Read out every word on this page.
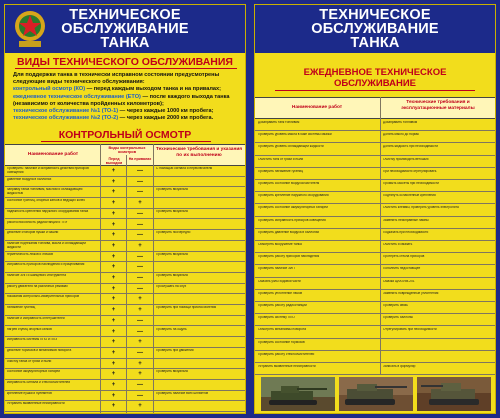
ТЕХНИЧЕСКОЕ
ОБСЛУЖИВАНИЕ
ТАНКА
ВИДЫ ТЕХНИЧЕСКОГО ОБСЛУЖИВАНИЯ
Для поддержки танка в технически исправном состоянии предусмотрены
следующие виды технического обслуживания:
контрольный осмотр (КО) — перед каждым выходом танка и на привалах;
ежедневное техническое обслуживание (ЕТО) — после каждого выхода танка (независимо от количества пройденных километров);
техническое обслуживание №1 (ТО-1) — через каждые 1000 км пробега;
техническое обслуживание №2 (ТО-2) — через каждые 2000 км пробега.
КОНТРОЛЬНЫЙ ОСМОТР
Наименование работ
Виды контрольных осмотров
Перед выходом
На привалах
Технические требования и указания по их выполнению
Проверить: наличие и исправность действия приборов освещения	+	—	С помощью сигнала и переключателя
давление воздуха в баллонах	+	—
заправку танка топливом, маслом и охлаждающей жидкостью	+	—	Проверить визуально
состояние гусениц, опорных катков и ведущих колёс	+	+
надёжность крепления наружного оборудования танка	+	—	Проверить визуально
работоспособность радиостанции и ТПУ	+	—
действие стопоров пушки и башни	+	—	Проверить поочерёдно
наличие подтекания топлива, масла и охлаждающей жидкости	+	+
герметичность люков и лючков	+	—	Проверить визуально
исправность приборов наблюдения и прицеливания	+	—
наличие ЗИП и шанцевого инструмента	+	—	Проверить визуально
работу двигателя на различных режимах	+	—	Прослушать на слух
показания контрольно-измерительных приборов	+	+
натяжение гусениц	+	+	Проверить при помощи приспособления
наличие и исправность огнетушителей	+	—
нагрев ступиц опорных катков	+	—	Проверить на ощупь
исправность системы ППО и ППЗ	+	+
действие тормозов и механизмов поворота	+	—	Проверить при движении
очистку танка от грязи и пыли	+	+
состояние аккумуляторных батарей	+	+	Проверить визуально
исправность сигнала и стеклоочистителей	+	—
крепление пушки и пулемётов	+	—	Проверить наличие всех шплинтов
Устранить выявленные неисправности	+	+
ТЕХНИЧЕСКОЕ
ОБСЛУЖИВАНИЕ
ТАНКА
ЕЖЕДНЕВНОЕ ТЕХНИЧЕСКОЕ
ОБСЛУЖИВАНИЕ
Наименование работ
Технические требования и эксплуатационные материалы
Дозаправить танк топливом	Дозаправить топливом
Проверить уровень масла в баке системы смазки	Долить масло до нормы
Проверить уровень охлаждающей жидкости	Долить жидкость при необходимости
Очистить танк от грязи и пыли	Очистку производить ветошью
Проверить натяжение гусениц	При необходимости отрегулировать
Проверить состояние воздухоочистителя	Промыть кассеты при необходимости
Проверить крепление наружного оборудования	Подтянуть ослабленные крепления
Проверить состояние аккумуляторных батарей	Очистить клеммы, проверить уровень электролита
Проверить исправность приборов освещения	Заменить неисправные лампы
Проверить давление воздуха в баллонах	Подкачать при необходимости
Осмотреть вооружение танка	Очистить и смазать
Проверить работу приборов наблюдения	Протереть стёкла приборов
Проверить наличие ЗИП	Пополнить недостающее
Смазать узлы ходовой части	Смазка ЦИАТИМ-201
Проверить уплотнение люков	Заменить повреждённые уплотнения
Проверить работу радиостанции	Проверить связь
Проверить систему ППО	Проверить баллоны
Осмотреть механизмы поворота	Отрегулировать при необходимости
Проверить состояние тормозов
Проверить работу стеклоочистителей
Устранить выявленные неисправности	Записать в формуляр
